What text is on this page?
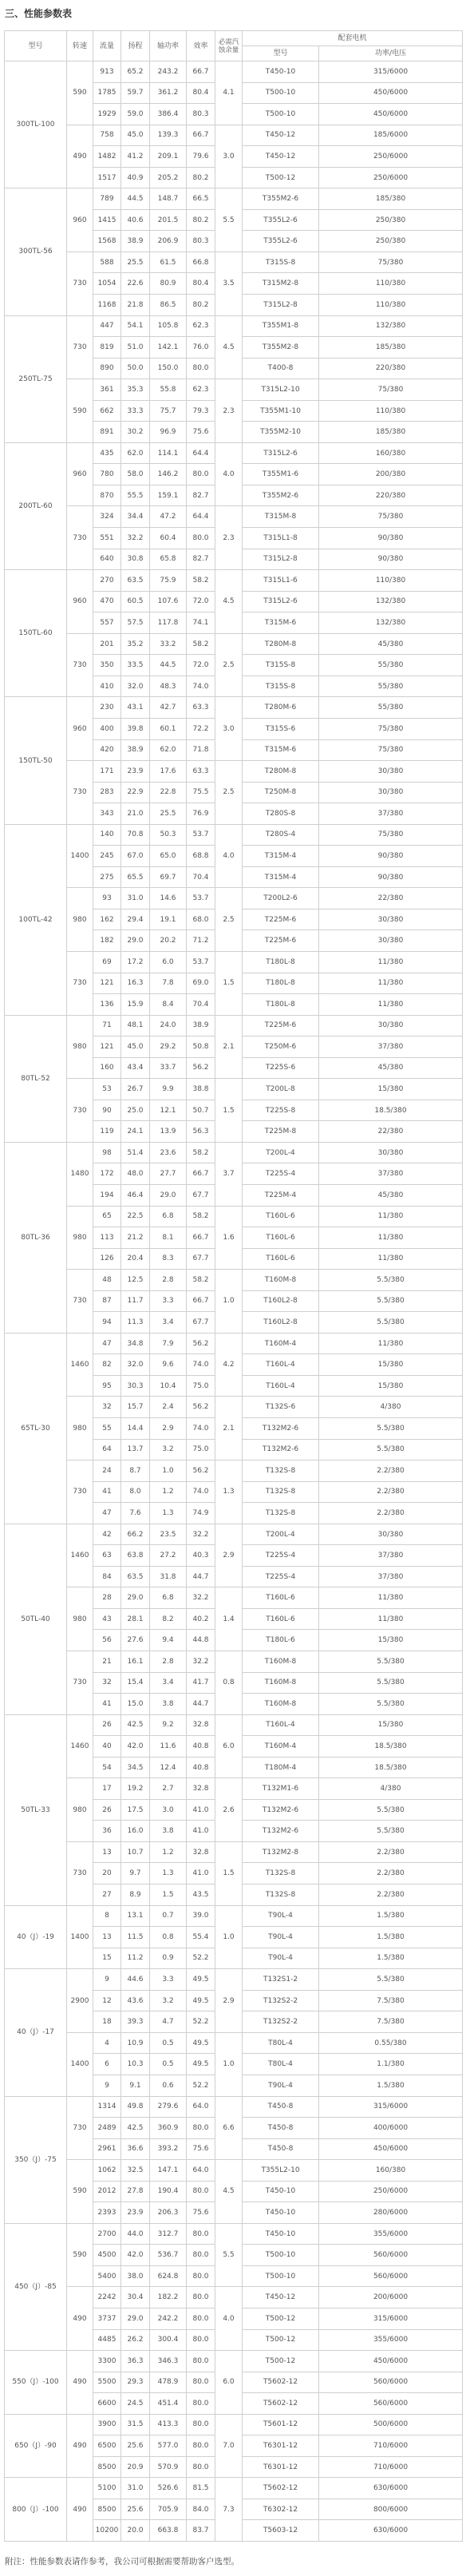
三、性能参数表
型号	转速	流量	扬程	轴功率	效率	必需汽蚀余量	配套电机	
							型号	功率/电压
300TL-100	590	913	65.2	243.2	66.7	4.1	T450-10	315/6000
		1785	59.7	361.2	80.4		T500-10	450/6000
		1929	59.0	386.4	80.3		T500-10	450/6000
	490	758	45.0	139.3	66.7	3.0	T450-12	185/6000
		1482	41.2	209.1	79.6		T450-12	250/6000
		1517	40.9	205.2	80.2		T500-12	250/6000
300TL-56	960	789	44.5	148.7	66.5	5.5	T355M2-6	185/380
		1415	40.6	201.5	80.2		T355L2-6	250/380
		1568	38.9	206.9	80.3		T355L2-6	250/380
	730	588	25.5	61.5	66.8	3.5	T315S-8	75/380
		1054	22.6	80.9	80.4		T315M2-8	110/380
		1168	21.8	86.5	80.2		T315L2-8	110/380
250TL-75	730	447	54.1	105.8	62.3	4.5	T355M1-8	132/380
		819	51.0	142.1	76.0		T355M2-8	185/380
		890	50.0	150.0	80.0		T400-8	220/380
	590	361	35.3	55.8	62.3	2.3	T315L2-10	75/380
		662	33.3	75.7	79.3		T355M1-10	110/380
		891	30.2	96.9	75.6		T355M2-10	185/380
200TL-60	960	435	62.0	114.1	64.4	4.0	T315L2-6	160/380
		780	58.0	146.2	80.0		T355M1-6	200/380
		870	55.5	159.1	82.7		T355M2-6	220/380
	730	324	34.4	47.2	64.4	2.3	T315M-8	75/380
		551	32.2	60.4	80.0		T315L1-8	90/380
		640	30.8	65.8	82.7		T315L2-8	90/380
150TL-60	960	270	63.5	75.9	58.2	4.5	T315L1-6	110/380
		470	60.5	107.6	72.0		T315L2-6	132/380
		557	57.5	117.8	74.1		T315M-6	132/380
	730	201	35.2	33.2	58.2	2.5	T280M-8	45/380
		350	33.5	44.5	72.0		T315S-8	55/380
		410	32.0	48.3	74.0		T315S-8	55/380
150TL-50	960	230	43.1	42.7	63.3	3.0	T280M-6	55/380
		400	39.8	60.1	72.2		T315S-6	75/380
		420	38.9	62.0	71.8		T315M-6	75/380
	730	171	23.9	17.6	63.3	2.5	T280M-8	30/380
		283	22.9	22.8	75.5		T250M-8	30/380
		343	21.0	25.5	76.9		T280S-8	37/380
100TL-42	1400	140	70.8	50.3	53.7	4.0	T280S-4	75/380
		245	67.0	65.0	68.8		T315M-4	90/380
		275	65.5	69.7	70.4		T315M-4	90/380
	980	93	31.0	14.6	53.7	2.5	T200L2-6	22/380
		162	29.4	19.1	68.0		T225M-6	30/380
		182	29.0	20.2	71.2		T225M-6	30/380
	730	69	17.2	6.0	53.7	1.5	T180L-8	11/380
		121	16.3	7.8	69.0		T180L-8	11/380
		136	15.9	8.4	70.4		T180L-8	11/380
80TL-52	980	71	48.1	24.0	38.9	2.1	T225M-6	30/380
		121	45.0	29.2	50.8		T250M-6	37/380
		160	43.4	33.7	56.2		T225S-6	45/380
	730	53	26.7	9.9	38.8	1.5	T200L-8	15/380
		90	25.0	12.1	50.7		T225S-8	18.5/380
		119	24.1	13.9	56.3		T225M-8	22/380
80TL-36	1480	98	51.4	23.6	58.2	3.7	T200L-4	30/380
		172	48.0	27.7	66.7		T225S-4	37/380
		194	46.4	29.0	67.7		T225M-4	45/380
	980	65	22.5	6.8	58.2	1.6	T160L-6	11/380
		113	21.2	8.1	66.7		T160L-6	11/380
		126	20.4	8.3	67.7		T160L-6	11/380
	730	48	12.5	2.8	58.2	1.0	T160M-8	5.5/380
		87	11.7	3.3	66.7		T160L2-8	5.5/380
		94	11.3	3.4	67.7		T160L2-8	5.5/380
65TL-30	1460	47	34.8	7.9	56.2	4.2	T160M-4	11/380
		82	32.0	9.6	74.0		T160L-4	15/380
		95	30.3	10.4	75.0		T160L-4	15/380
	980	32	15.7	2.4	56.2	2.1	T132S-6	4/380
		55	14.4	2.9	74.0		T132M2-6	5.5/380
		64	13.7	3.2	75.0		T132M2-6	5.5/380
	730	24	8.7	1.0	56.2	1.3	T132S-8	2.2/380
		41	8.0	1.2	74.0		T132S-8	2.2/380
		47	7.6	1.3	74.9		T132S-8	2.2/380
50TL-40	1460	42	66.2	23.5	32.2	2.9	T200L-4	30/380
		63	63.8	27.2	40.3		T225S-4	37/380
		84	63.5	31.8	44.7		T225S-4	37/380
	980	28	29.0	6.8	32.2	1.4	T160L-6	11/380
		43	28.1	8.2	40.2		T160L-6	11/380
		56	27.6	9.4	44.8		T180L-6	15/380
	730	21	16.1	2.8	32.2	0.8	T160M-8	5.5/380
		32	15.4	3.4	41.7		T160M-8	5.5/380
		41	15.0	3.8	44.7		T160M-8	5.5/380
50TL-33	1460	26	42.5	9.2	32.8	6.0	T160L-4	15/380
		40	42.0	11.6	40.8		T160M-4	18.5/380
		54	34.5	12.4	40.8		T180M-4	18.5/380
	980	17	19.2	2.7	32.8	2.6	T132M1-6	4/380
		26	17.5	3.0	41.0		T132M2-6	5.5/380
		36	16.0	3.8	41.0		T132M2-6	5.5/380
	730	13	10.7	1.2	32.8	1.5	T132M2-8	2.2/380
		20	9.7	1.3	41.0		T132S-8	2.2/380
		27	8.9	1.5	43.5		T132S-8	2.2/380
40（J）-19	1400	8	13.1	0.7	39.0	1.0	T90L-4	1.5/380
		13	11.5	0.8	55.4		T90L-4	1.5/380
		15	11.2	0.9	52.2		T90L-4	1.5/380
40（J）-17	2900	9	44.6	3.3	49.5	2.9	T132S1-2	5.5/380
		12	43.6	3.2	49.5		T132S2-2	7.5/380
		18	39.3	4.7	52.2		T132S2-2	7.5/380
	1400	4	10.9	0.5	49.5	1.0	T80L-4	0.55/380
		6	10.3	0.5	49.5		T80L-4	1.1/380
		9	9.1	0.6	52.2		T90L-4	1.5/380
350（J）-75	730	1314	49.8	279.6	64.0	6.6	T450-8	315/6000
		2489	42.5	360.9	80.0		T450-8	400/6000
		2961	36.6	393.2	75.6		T450-8	450/6000
	590	1062	32.5	147.1	64.0	4.5	T355L2-10	160/380
		2012	27.8	190.4	80.0		T450-10	250/6000
		2393	23.9	206.3	75.6		T450-10	280/6000
450（J）-85	590	2700	44.0	312.7	80.0	5.5	T450-10	355/6000
		4500	42.0	536.7	80.0		T500-10	560/6000
		5400	38.0	624.8	80.0		T500-10	560/6000
	490	2242	30.4	182.2	80.0	4.0	T450-12	200/6000
		3737	29.0	242.2	80.0		T500-12	315/6000
		4485	26.2	300.4	80.0		T500-12	355/6000
550（J）-100	490	3300	36.3	346.3	80.0	6.0	T500-12	450/6000
		5500	29.3	478.9	80.0		T5602-12	560/6000
		6600	24.5	451.4	80.0		T5602-12	560/6000
650（J）-90	490	3900	31.5	413.3	80.0	7.0	T5601-12	500/6000
		6500	25.6	577.0	80.0		T6301-12	710/6000
		8500	20.9	570.9	80.0		T6301-12	710/6000
800（J）-100	490	5100	31.0	526.6	81.5	7.3	T5602-12	630/6000
		8500	25.6	705.9	84.0		T6302-12	800/6000
		10200	20.0	663.8	83.7		T5603-12	630/6000
附注：性能参数表请作参考，我公司可根据需要帮助客户选型。
